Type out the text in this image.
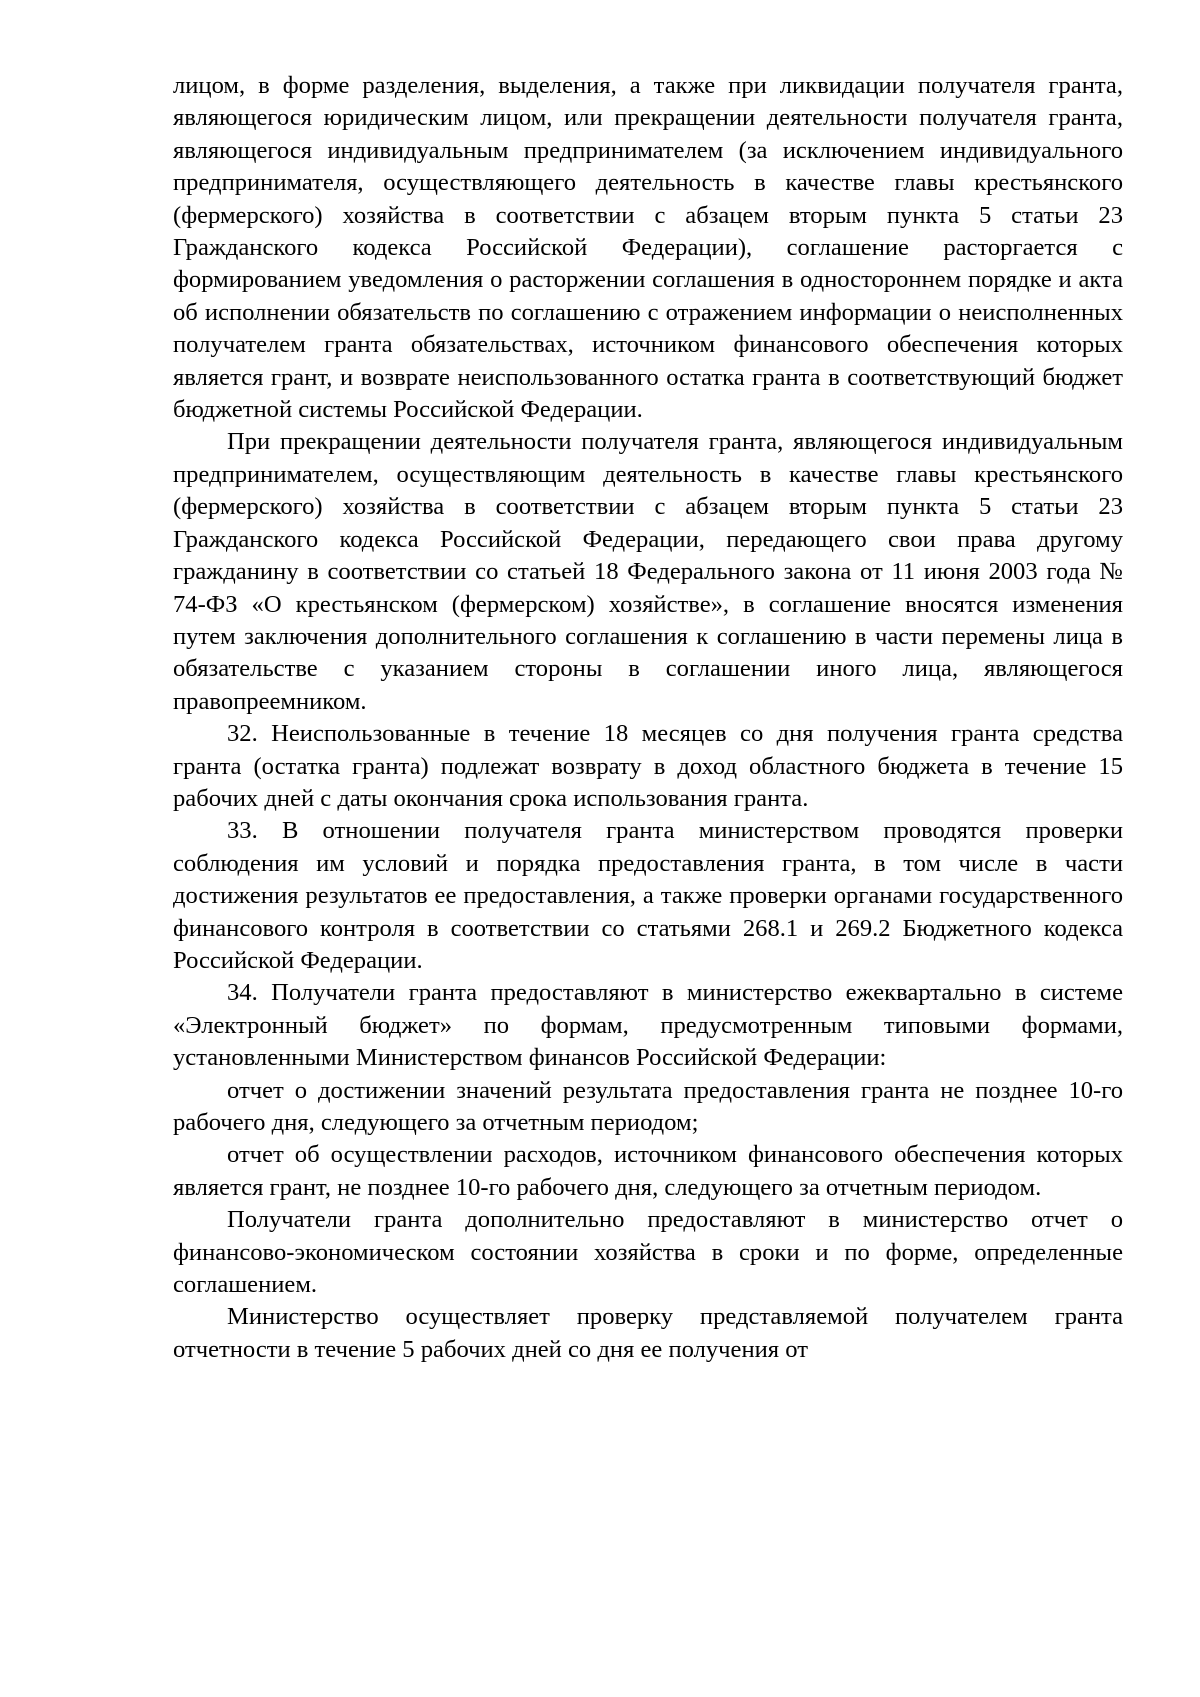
лицом, в форме разделения, выделения, а также при ликвидации получателя гранта, являющегося юридическим лицом, или прекращении деятельности получателя гранта, являющегося индивидуальным предпринимателем (за исключением индивидуального предпринимателя, осуществляющего деятельность в качестве главы крестьянского (фермерского) хозяйства в соответствии с абзацем вторым пункта 5 статьи 23 Гражданского кодекса Российской Федерации), соглашение расторгается с формированием уведомления о расторжении соглашения в одностороннем порядке и акта об исполнении обязательств по соглашению с отражением информации о неисполненных получателем гранта обязательствах, источником финансового обеспечения которых является грант, и возврате неиспользованного остатка гранта в соответствующий бюджет бюджетной системы Российской Федерации.

При прекращении деятельности получателя гранта, являющегося индивидуальным предпринимателем, осуществляющим деятельность в качестве главы крестьянского (фермерского) хозяйства в соответствии с абзацем вторым пункта 5 статьи 23 Гражданского кодекса Российской Федерации, передающего свои права другому гражданину в соответствии со статьей 18 Федерального закона от 11 июня 2003 года № 74-ФЗ «О крестьянском (фермерском) хозяйстве», в соглашение вносятся изменения путем заключения дополнительного соглашения к соглашению в части перемены лица в обязательстве с указанием стороны в соглашении иного лица, являющегося правопреемником.

32. Неиспользованные в течение 18 месяцев со дня получения гранта средства гранта (остатка гранта) подлежат возврату в доход областного бюджета в течение 15 рабочих дней с даты окончания срока использования гранта.

33. В отношении получателя гранта министерством проводятся проверки соблюдения им условий и порядка предоставления гранта, в том числе в части достижения результатов ее предоставления, а также проверки органами государственного финансового контроля в соответствии со статьями 268.1 и 269.2 Бюджетного кодекса Российской Федерации.

34. Получатели гранта предоставляют в министерство ежеквартально в системе «Электронный бюджет» по формам, предусмотренным типовыми формами, установленными Министерством финансов Российской Федерации:

отчет о достижении значений результата предоставления гранта не позднее 10-го рабочего дня, следующего за отчетным периодом;

отчет об осуществлении расходов, источником финансового обеспечения которых является грант, не позднее 10-го рабочего дня, следующего за отчетным периодом.

Получатели гранта дополнительно предоставляют в министерство отчет о финансово-экономическом состоянии хозяйства в сроки и по форме, определенные соглашением.

Министерство осуществляет проверку представляемой получателем гранта отчетности в течение 5 рабочих дней со дня ее получения от
